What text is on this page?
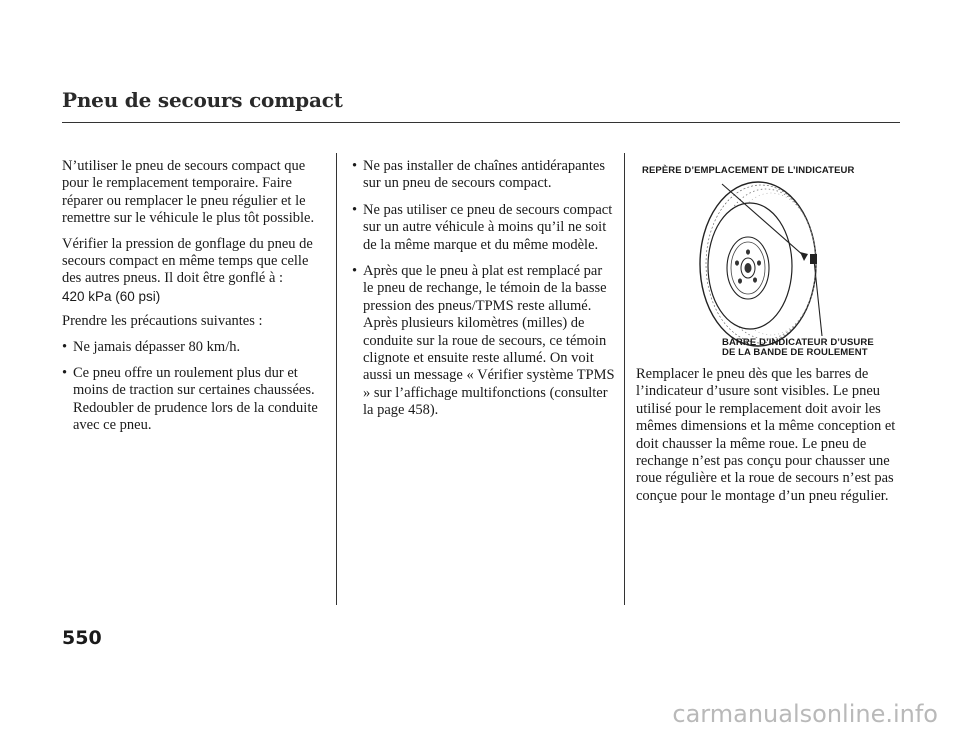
Pneu de secours compact

N’utiliser le pneu de secours compact que pour le remplacement temporaire. Faire réparer ou remplacer le pneu régulier et le remettre sur le véhicule le plus tôt possible.

Vérifier la pression de gonflage du pneu de secours compact en même temps que celle des autres pneus. Il doit être gonflé à :

420 kPa (60 psi)

Prendre les précautions suivantes :

• Ne jamais dépasser 80 km/h.
• Ce pneu offre un roulement plus dur et moins de traction sur certaines chaussées. Redoubler de prudence lors de la conduite avec ce pneu.
• Ne pas installer de chaînes antidérapantes sur un pneu de secours compact.
• Ne pas utiliser ce pneu de secours compact sur un autre véhicule à moins qu’il ne soit de la même marque et du même modèle.
• Après que le pneu à plat est remplacé par le pneu de rechange, le témoin de la basse pression des pneus/TPMS reste allumé. Après plusieurs kilomètres (milles) de conduite sur la roue de secours, ce témoin clignote et ensuite reste allumé. On voit aussi un message « Vérifier système TPMS » sur l’affichage multifonctions (consulter la page 458).
REPÈRE D’EMPLACEMENT DE L’INDICATEUR
BARRE D’INDICATEUR D’USURE
DE LA BANDE DE ROULEMENT

Remplacer le pneu dès que les barres de l’indicateur d’usure sont visibles. Le pneu utilisé pour le remplacement doit avoir les mêmes dimensions et la même conception et doit chausser la même roue. Le pneu de rechange n’est pas conçu pour chausser une roue régulière et la roue de secours n’est pas conçue pour le montage d’un pneu régulier.

550
carmanualsonline.info
